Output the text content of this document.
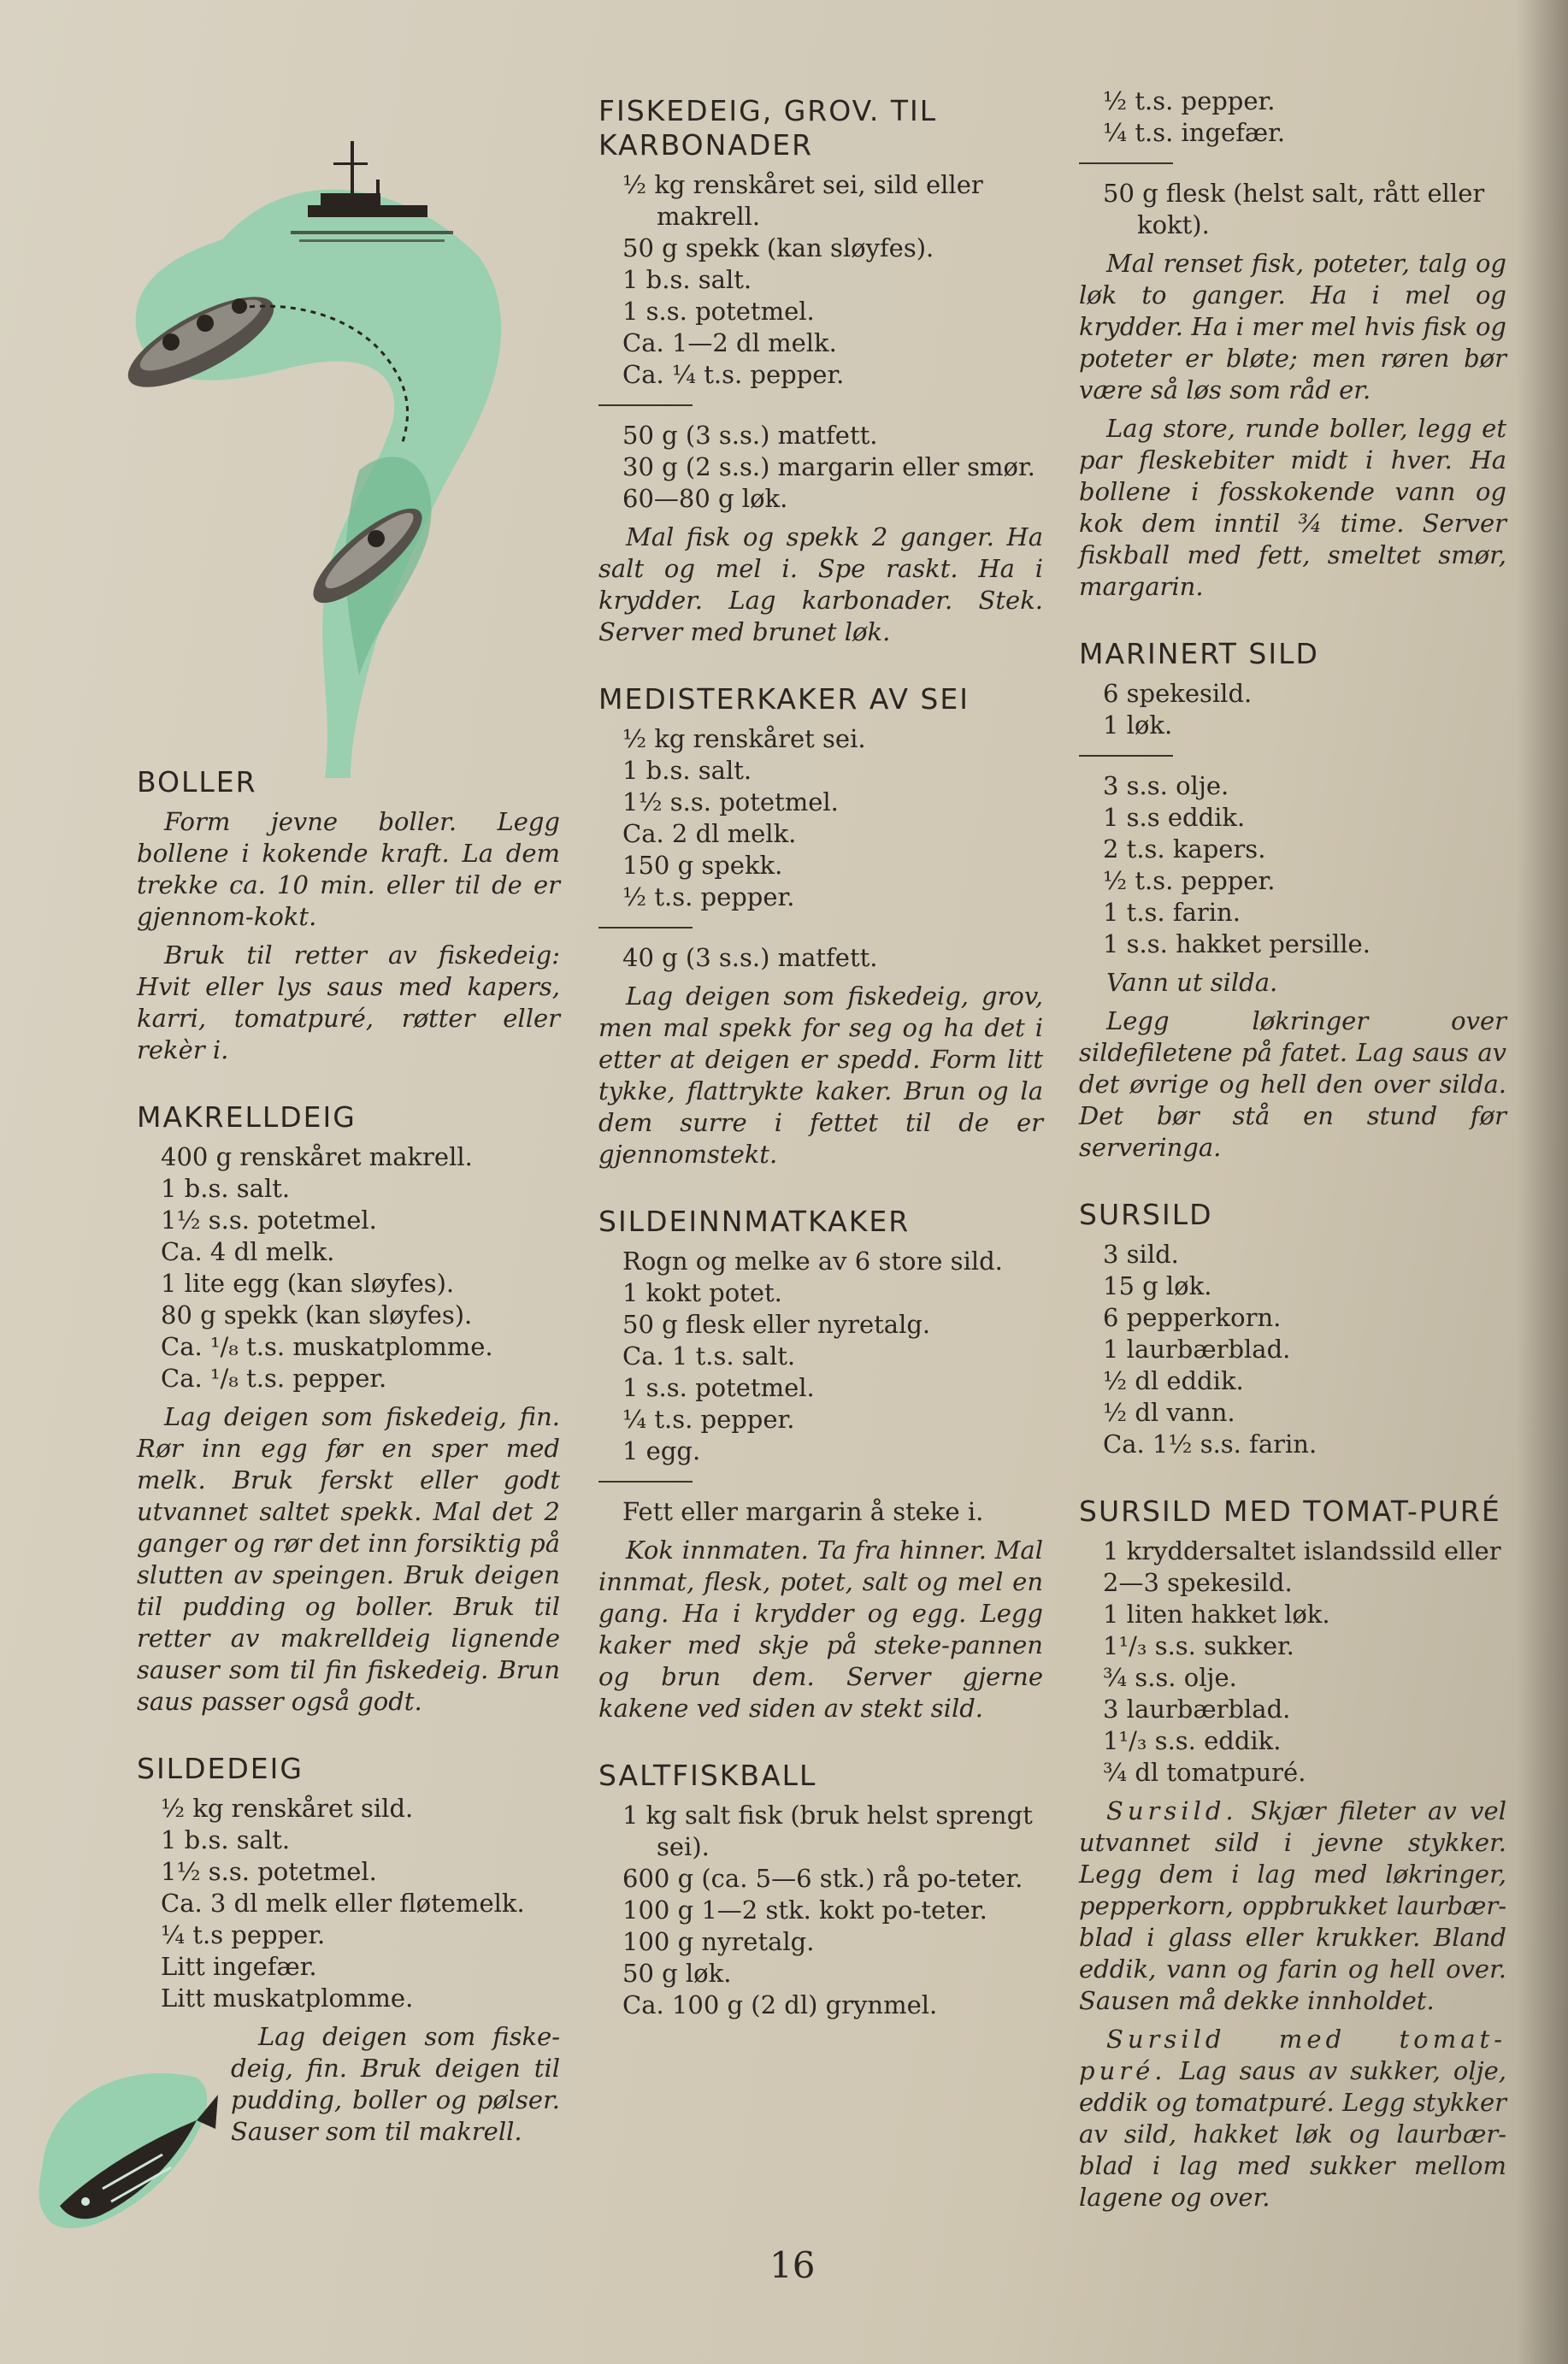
BOLLER

Form jevne boller. Legg bollene i kokende kraft. La dem trekke ca. 10 min. eller til de er gjennom-kokt.

Bruk til retter av fiskedeig: Hvit eller lys saus med kapers, karri, tomatpuré, røtter eller rekèr i.

MAKRELLDEIG
400 g renskåret makrell.
1 b.s. salt.
1½ s.s. potetmel.
Ca. 4 dl melk.
1 lite egg (kan sløyfes).
80 g spekk (kan sløyfes).
Ca. ¹/₈ t.s. muskatplomme.
Ca. ¹/₈ t.s. pepper.

Lag deigen som fiskedeig, fin. Rør inn egg før en sper med melk. Bruk ferskt eller godt utvannet saltet spekk. Mal det 2 ganger og rør det inn forsiktig på slutten av speingen. Bruk deigen til pudding og boller. Bruk til retter av makrelldeig lignende sauser som til fin fiskedeig. Brun saus passer også godt.

SILDEDEIG
½ kg renskåret sild.
1 b.s. salt.
1½ s.s. potetmel.
Ca. 3 dl melk eller fløtemelk.
¼ t.s pepper.
Litt ingefær.
Litt muskatplomme.

Lag deigen som fiske-deig, fin. Bruk deigen til pudding, boller og pølser. Sauser som til makrell.

FISKEDEIG, GROV. TIL KARBONADER
½ kg renskåret sei, sild eller makrell.
50 g spekk (kan sløyfes).
1 b.s. salt.
1 s.s. potetmel.
Ca. 1—2 dl melk.
Ca. ¼ t.s. pepper.
50 g (3 s.s.) matfett.
30 g (2 s.s.) margarin eller smør.
60—80 g løk.

Mal fisk og spekk 2 ganger. Ha salt og mel i. Spe raskt. Ha i krydder. Lag karbonader. Stek. Server med brunet løk.

MEDISTERKAKER AV SEI
½ kg renskåret sei.
1 b.s. salt.
1½ s.s. potetmel.
Ca. 2 dl melk.
150 g spekk.
½ t.s. pepper.
40 g (3 s.s.) matfett.

Lag deigen som fiskedeig, grov, men mal spekk for seg og ha det i etter at deigen er spedd. Form litt tykke, flattrykte kaker. Brun og la dem surre i fettet til de er gjennomstekt.

SILDEINNMATKAKER
Rogn og melke av 6 store sild.
1 kokt potet.
50 g flesk eller nyretalg.
Ca. 1 t.s. salt.
1 s.s. potetmel.
¼ t.s. pepper.
1 egg.
Fett eller margarin å steke i.

Kok innmaten. Ta fra hinner. Mal innmat, flesk, potet, salt og mel en gang. Ha i krydder og egg. Legg kaker med skje på steke-pannen og brun dem. Server gjerne kakene ved siden av stekt sild.

SALTFISKBALL
1 kg salt fisk (bruk helst sprengt sei).
600 g (ca. 5—6 stk.) rå po-teter.
100 g 1—2 stk. kokt po-teter.
100 g nyretalg.
50 g løk.
Ca. 100 g (2 dl) grynmel.
½ t.s. pepper.
¼ t.s. ingefær.
50 g flesk (helst salt, rått eller kokt).

Mal renset fisk, poteter, talg og løk to ganger. Ha i mel og krydder. Ha i mer mel hvis fisk og poteter er bløte; men røren bør være så løs som råd er.

Lag store, runde boller, legg et par fleskebiter midt i hver. Ha bollene i fosskokende vann og kok dem inntil ¾ time. Server fiskball med fett, smeltet smør, margarin.

MARINERT SILD
6 spekesild.
1 løk.
3 s.s. olje.
1 s.s eddik.
2 t.s. kapers.
½ t.s. pepper.
1 t.s. farin.
1 s.s. hakket persille.

Vann ut silda.

Legg løkringer over sildefiletene på fatet. Lag saus av det øvrige og hell den over silda. Det bør stå en stund før serveringa.

SURSILD
3 sild.
15 g løk.
6 pepperkorn.
1 laurbærblad.
½ dl eddik.
½ dl vann.
Ca. 1½ s.s. farin.
SURSILD MED TOMAT-PURÉ
1 kryddersaltet islandssild eller
2—3 spekesild.
1 liten hakket løk.
1¹/₃ s.s. sukker.
¾ s.s. olje.
3 laurbærblad.
1¹/₃ s.s. eddik.
¾ dl tomatpuré.

Sursild. Skjær fileter av vel utvannet sild i jevne stykker. Legg dem i lag med løkringer, pepperkorn, oppbrukket laurbær-blad i glass eller krukker. Bland eddik, vann og farin og hell over. Sausen må dekke innholdet.

Sursild med tomat-puré. Lag saus av sukker, olje, eddik og tomatpuré. Legg stykker av sild, hakket løk og laurbær-blad i lag med sukker mellom lagene og over.

16
